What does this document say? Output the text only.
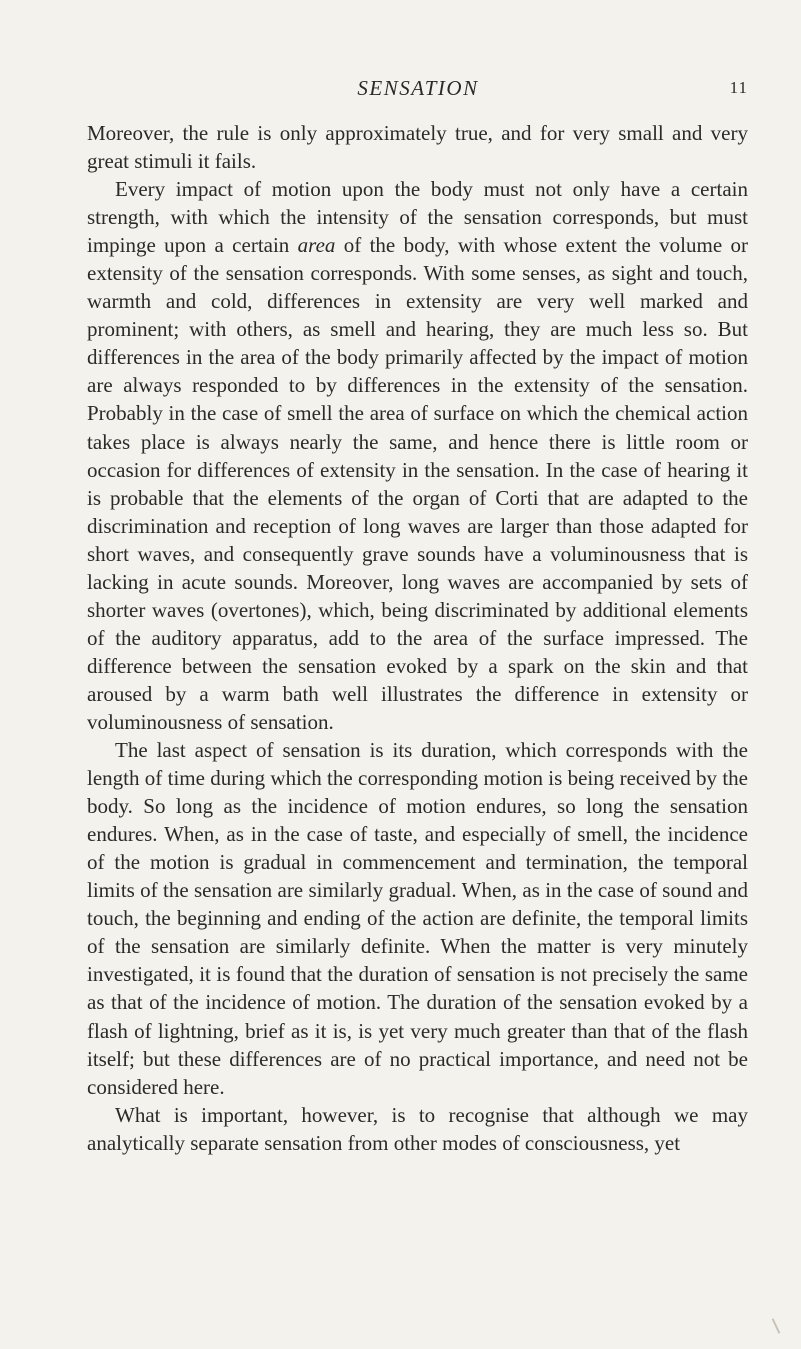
SENSATION	11

Moreover, the rule is only approximately true, and for very small and very great stimuli it fails.

Every impact of motion upon the body must not only have a certain strength, with which the intensity of the sensation corresponds, but must impinge upon a certain area of the body, with whose extent the volume or extensity of the sensation corresponds. With some senses, as sight and touch, warmth and cold, differences in extensity are very well marked and prominent; with others, as smell and hearing, they are much less so. But differences in the area of the body primarily affected by the impact of motion are always responded to by differences in the extensity of the sensation. Probably in the case of smell the area of surface on which the chemical action takes place is always nearly the same, and hence there is little room or occasion for differences of extensity in the sensation. In the case of hearing it is probable that the elements of the organ of Corti that are adapted to the discrimination and reception of long waves are larger than those adapted for short waves, and consequently grave sounds have a voluminousness that is lacking in acute sounds. Moreover, long waves are accompanied by sets of shorter waves (overtones), which, being discriminated by additional elements of the auditory apparatus, add to the area of the surface impressed. The difference between the sensation evoked by a spark on the skin and that aroused by a warm bath well illustrates the difference in extensity or voluminousness of sensation.

The last aspect of sensation is its duration, which corresponds with the length of time during which the corresponding motion is being received by the body. So long as the incidence of motion endures, so long the sensation endures. When, as in the case of taste, and especially of smell, the incidence of the motion is gradual in commencement and termination, the temporal limits of the sensation are similarly gradual. When, as in the case of sound and touch, the beginning and ending of the action are definite, the temporal limits of the sensation are similarly definite. When the matter is very minutely investigated, it is found that the duration of sensation is not precisely the same as that of the incidence of motion. The duration of the sensation evoked by a flash of lightning, brief as it is, is yet very much greater than that of the flash itself; but these differences are of no practical importance, and need not be considered here.

What is important, however, is to recognise that although we may analytically separate sensation from other modes of consciousness, yet
